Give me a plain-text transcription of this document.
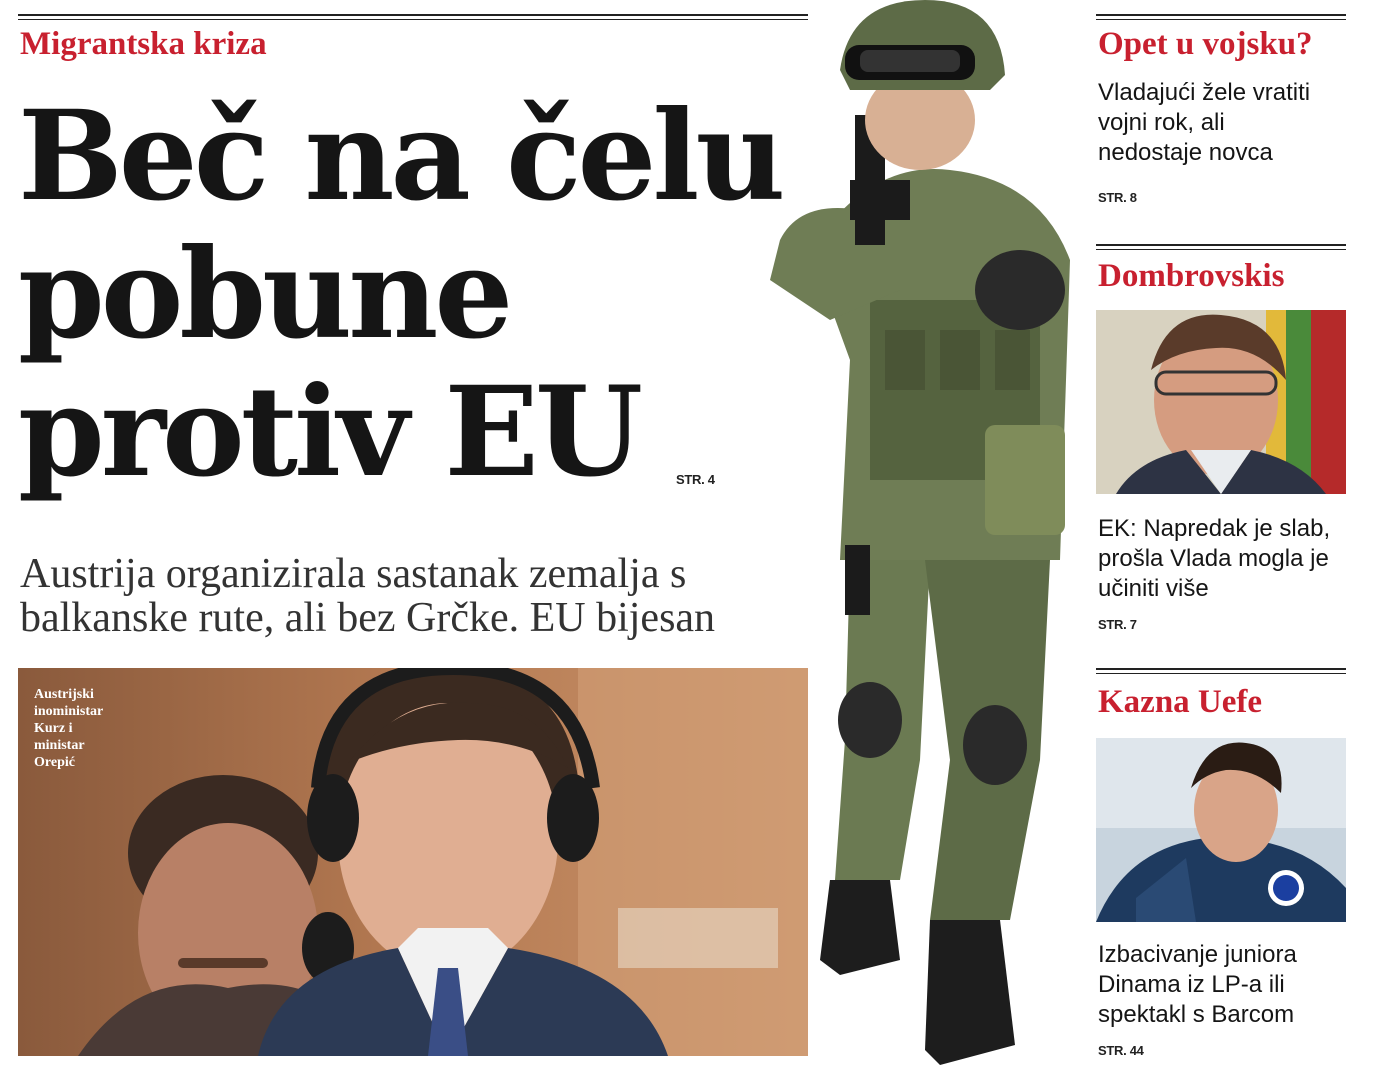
Migrantska kriza
Beč na čelu
pobune
protiv EU	STR. 4
Austrija organizirala sastanak zemalja s balkanske rute, ali bez Grčke. EU bijesan
Austrijski
inoministar
Kurz i
ministar
Orepić
Opet u vojsku?
Vladajući žele vratiti vojni rok, ali nedostaje novca
STR. 8
Dombrovskis
EK: Napredak je slab, prošla Vlada mogla je učiniti više
STR. 7
Kazna Uefe
Izbacivanje juniora Dinama iz LP-a ili spektakl s Barcom
STR. 44
